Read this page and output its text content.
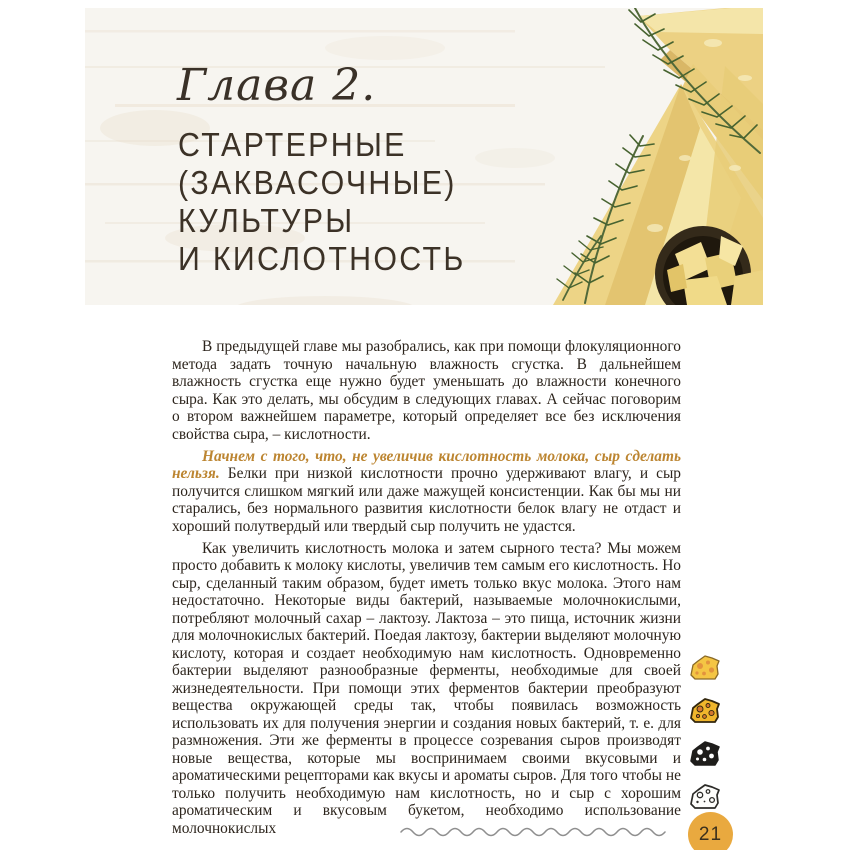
Глава 2.
СТАРТЕРНЫЕ
(ЗАКВАСОЧНЫЕ)
КУЛЬТУРЫ
И КИСЛОТНОСТЬ

В предыдущей главе мы разобрались, как при помощи флокуляционного метода задать точную начальную влажность сгустка. В дальнейшем влажность сгустка еще нужно будет уменьшать до влажности конечного сыра. Как это делать, мы обсудим в следующих главах. А сейчас поговорим о втором важнейшем параметре, который определяет все без исключения свойства сыра, – кислотности.

Начнем с того, что, не увеличив кислотность молока, сыр сделать нельзя. Белки при низкой кислотности прочно удерживают влагу, и сыр получится слишком мягкий или даже мажущей консистенции. Как бы мы ни старались, без нормального развития кислотности белок влагу не отдаст и хороший полутвердый или твердый сыр получить не удастся.

Как увеличить кислотность молока и затем сырного теста? Мы можем просто добавить к молоку кислоты, увеличив тем самым его кислотность. Но сыр, сделанный таким образом, будет иметь только вкус молока. Этого нам недостаточно. Некоторые виды бактерий, называемые молочнокислыми, потребляют молочный сахар – лактозу. Лактоза – это пища, источник жизни для молочнокислых бактерий. Поедая лактозу, бактерии выделяют молочную кислоту, которая и создает необходимую нам кислотность. Одновременно бактерии выделяют разнообразные ферменты, необходимые для своей жизнедеятельности. При помощи этих ферментов бактерии преобразуют вещества окружающей среды так, чтобы появилась возможность использовать их для получения энергии и создания новых бактерий, т. е. для размножения. Эти же ферменты в процессе созревания сыров производят новые вещества, которые мы воспринимаем своими вкусовыми и ароматическими рецепторами как вкусы и ароматы сыров. Для того чтобы не только получить необходимую нам кислотность, но и сыр с хорошим ароматическим и вкусовым букетом, необходимо использование молочнокислых	21
